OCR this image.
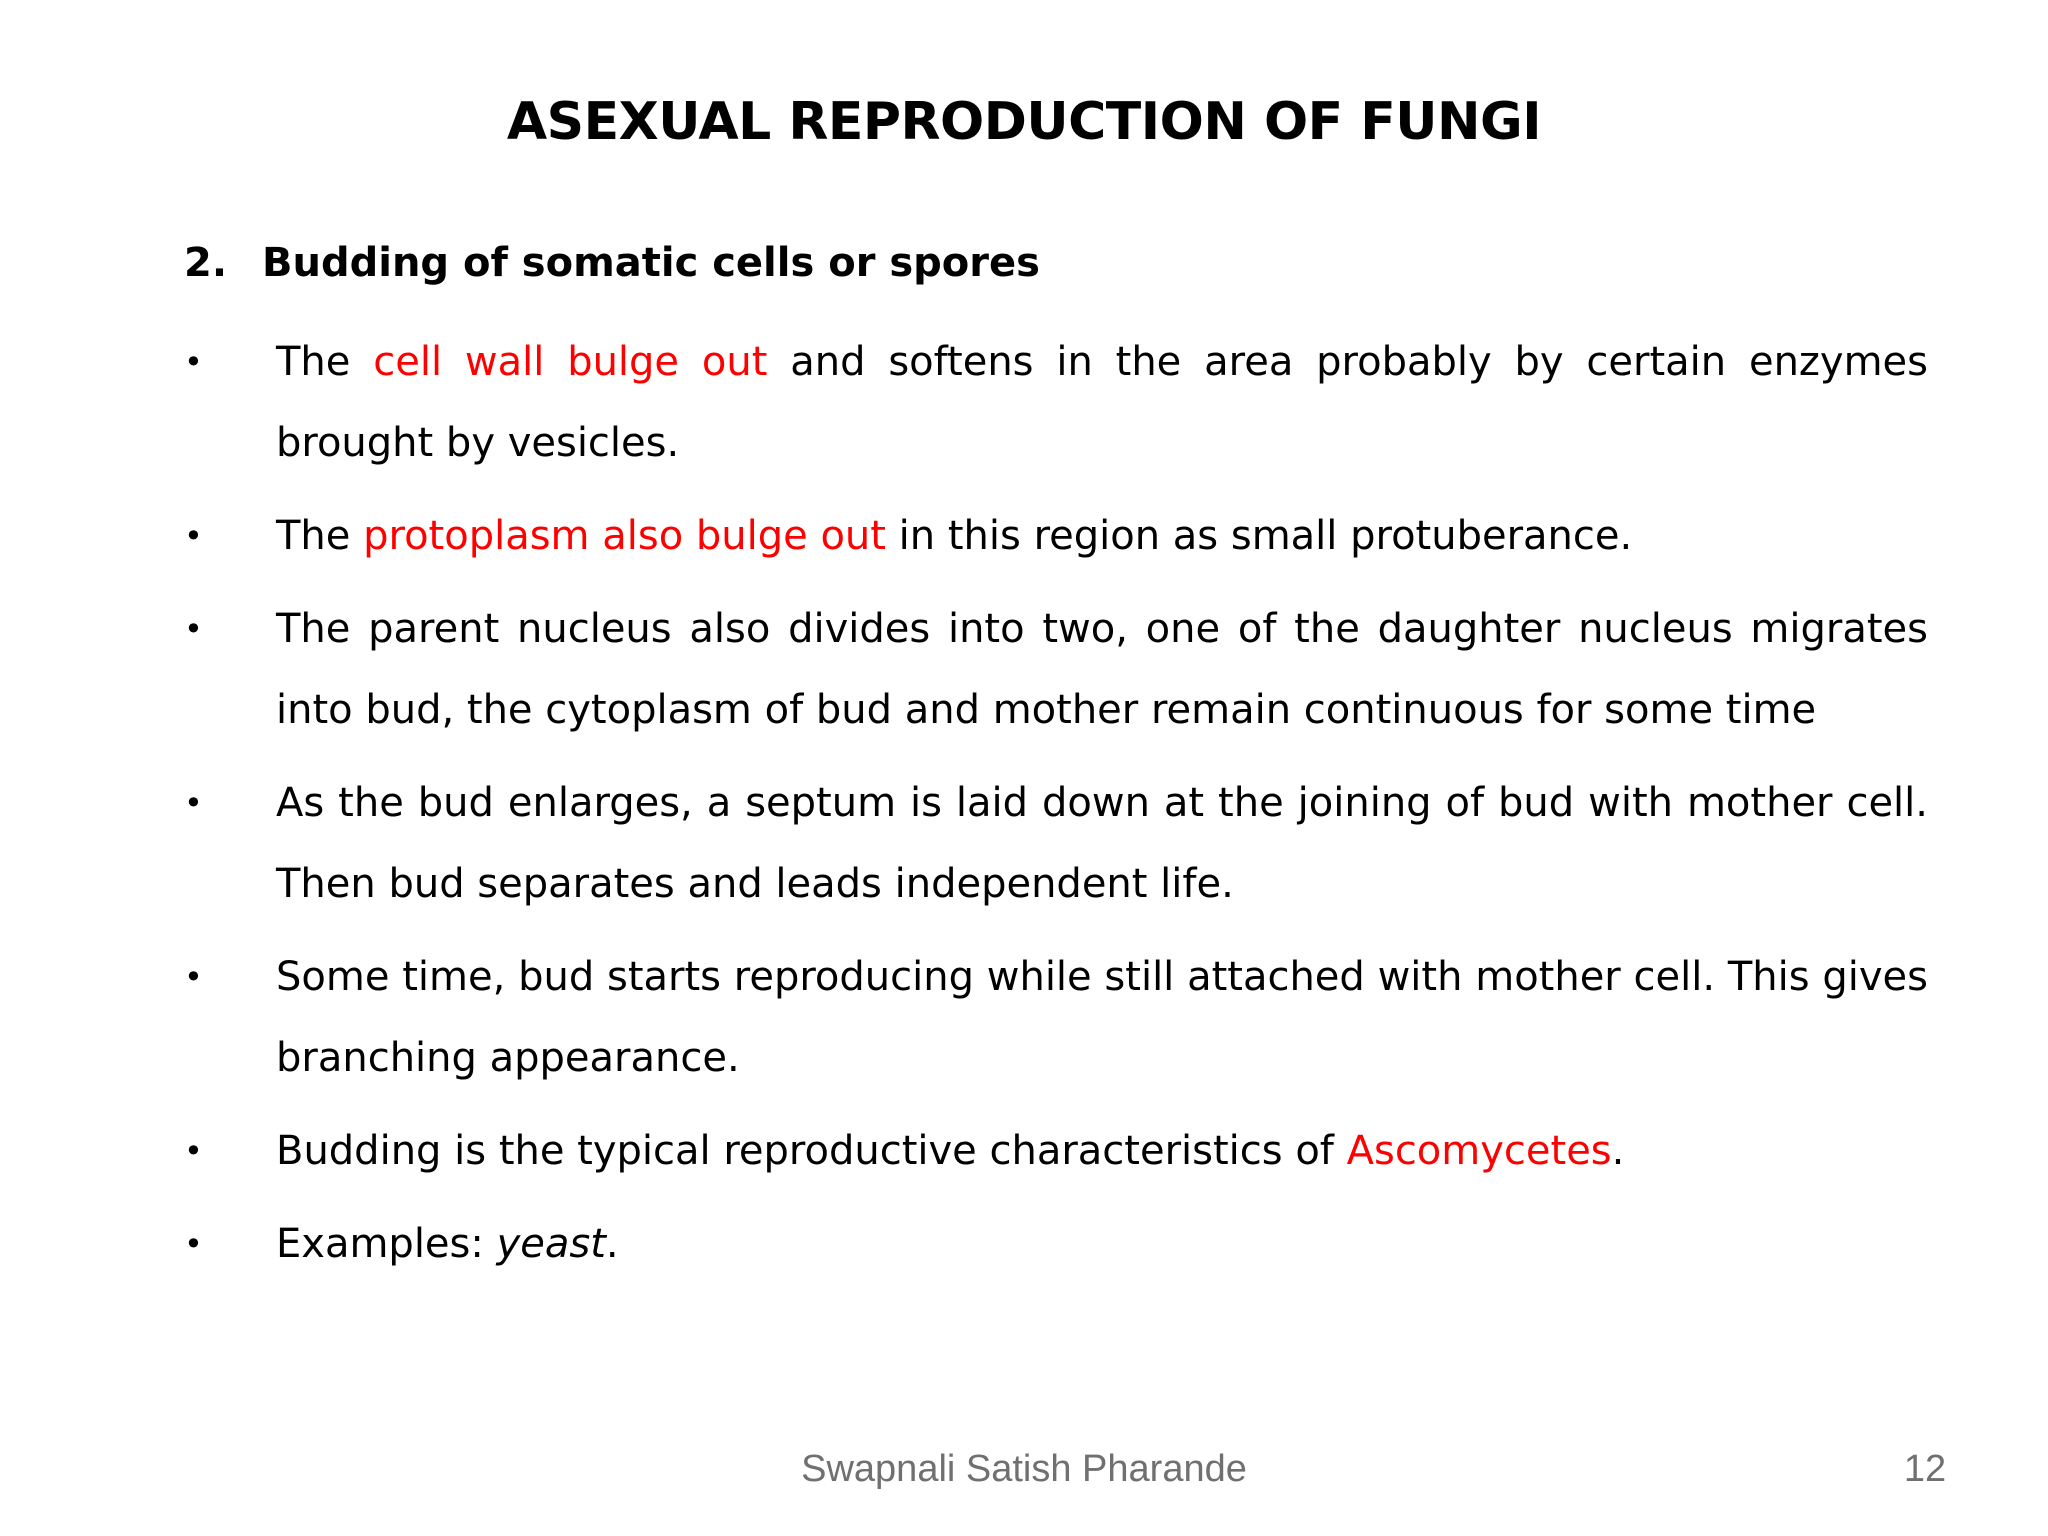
ASEXUAL REPRODUCTION OF FUNGI
2. Budding of somatic cells or spores
• The cell wall bulge out and softens in the area probably by certain enzymes brought by vesicles.
• The protoplasm also bulge out in this region as small protuberance.
• The parent nucleus also divides into two, one of the daughter nucleus migrates into bud, the cytoplasm of bud and mother remain continuous for some time
• As the bud enlarges, a septum is laid down at the joining of bud with mother cell. Then bud separates and leads independent life.
• Some time, bud starts reproducing while still attached with mother cell. This gives branching appearance.
• Budding is the typical reproductive characteristics of Ascomycetes.
• Examples: yeast.
Swapnali Satish Pharande	12
